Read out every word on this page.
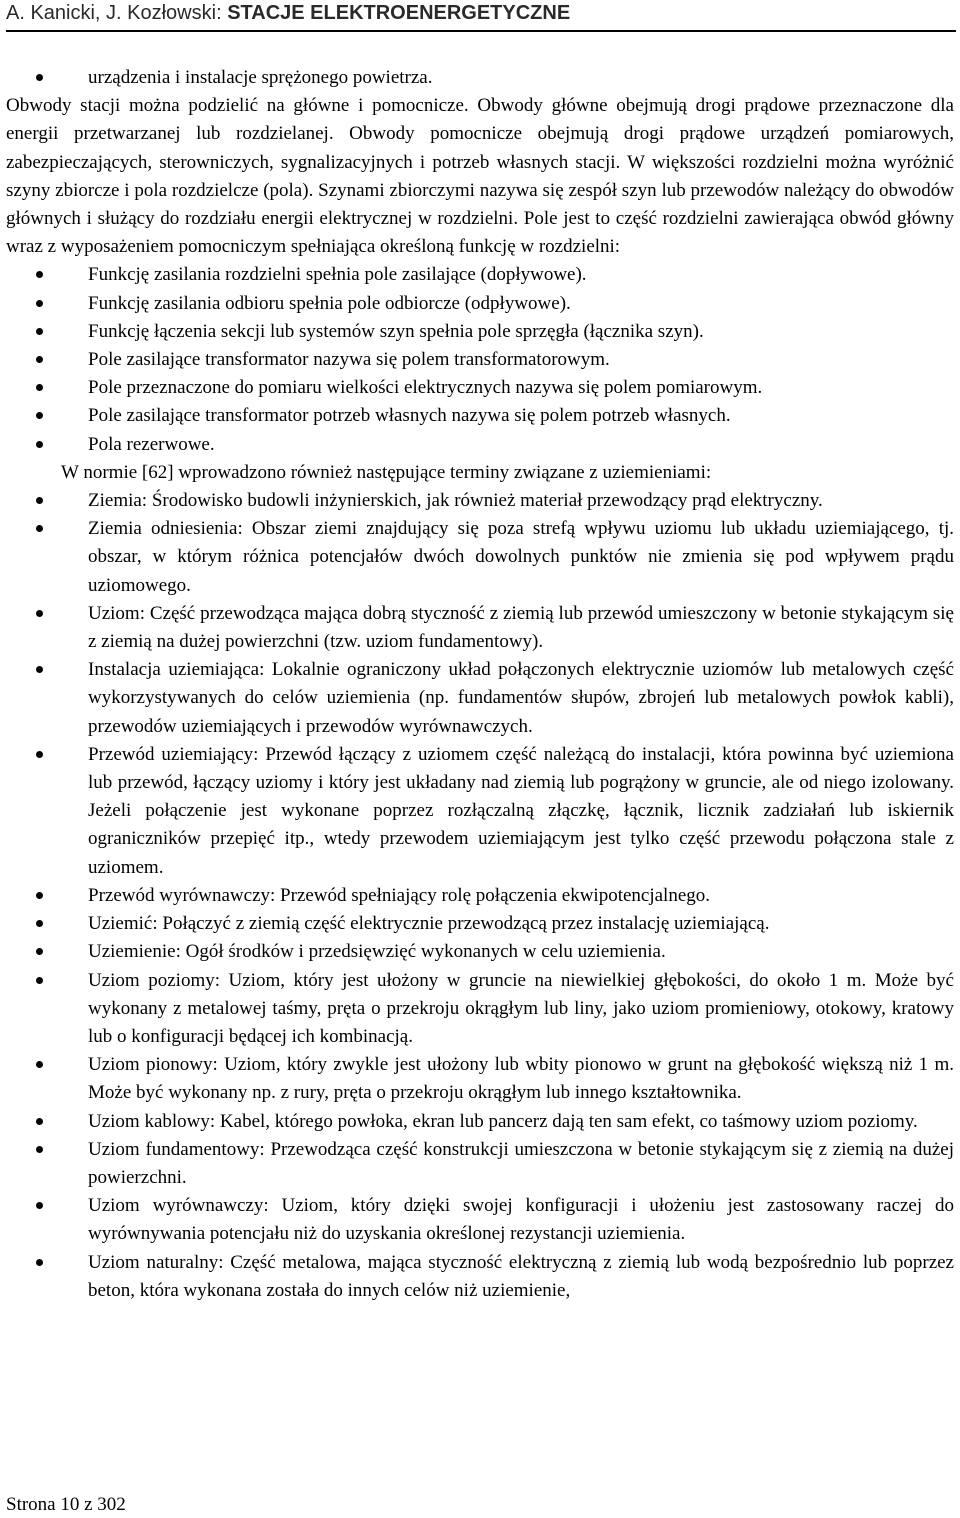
A. Kanicki, J. Kozłowski: STACJE ELEKTROENERGETYCZNE
urządzenia i instalacje sprężonego powietrza.

Obwody stacji można podzielić na główne i pomocnicze. Obwody główne obejmują drogi prądowe przeznaczone dla energii przetwarzanej lub rozdzielanej. Obwody pomocnicze obejmują drogi prądowe urządzeń pomiarowych, zabezpieczających, sterowniczych, sygnalizacyjnych i potrzeb własnych stacji. W większości rozdzielni można wyróżnić szyny zbiorcze i pola rozdzielcze (pola). Szynami zbiorczymi nazywa się zespół szyn lub przewodów należący do obwodów głównych i służący do rozdziału energii elektrycznej w rozdzielni. Pole jest to część rozdzielni zawierająca obwód główny wraz z wyposażeniem pomocniczym spełniająca określoną funkcję w rozdzielni:

Funkcję zasilania rozdzielni spełnia pole zasilające (dopływowe).
Funkcję zasilania odbioru spełnia pole odbiorcze (odpływowe).
Funkcję łączenia sekcji lub systemów szyn spełnia pole sprzęgła (łącznika szyn).
Pole zasilające transformator nazywa się polem transformatorowym.
Pole przeznaczone do pomiaru wielkości elektrycznych nazywa się polem pomiarowym.
Pole zasilające transformator potrzeb własnych nazywa się polem potrzeb własnych.
Pola rezerwowe.

W normie [62] wprowadzono również następujące terminy związane z uziemieniami:

Ziemia: Środowisko budowli inżynierskich, jak również materiał przewodzący prąd elektryczny.
Ziemia odniesienia: Obszar ziemi znajdujący się poza strefą wpływu uziomu lub układu uziemiającego, tj. obszar, w którym różnica potencjałów dwóch dowolnych punktów nie zmienia się pod wpływem prądu uziomowego.
Uziom: Część przewodząca mająca dobrą styczność z ziemią lub przewód umieszczony w betonie stykającym się z ziemią na dużej powierzchni (tzw. uziom fundamentowy).
Instalacja uziemiająca: Lokalnie ograniczony układ połączonych elektrycznie uziomów lub metalowych część wykorzystywanych do celów uziemienia (np. fundamentów słupów, zbrojeń lub metalowych powłok kabli), przewodów uziemiających i przewodów wyrównawczych.
Przewód uziemiający: Przewód łączący z uziomem część należącą do instalacji, która powinna być uziemiona lub przewód, łączący uziomy i który jest układany nad ziemią lub pogrążony w gruncie, ale od niego izolowany. Jeżeli połączenie jest wykonane poprzez rozłączalną złączkę, łącznik, licznik zadziałań lub iskiernik ograniczników przepięć itp., wtedy przewodem uziemiającym jest tylko część przewodu połączona stale z uziomem.
Przewód wyrównawczy: Przewód spełniający rolę połączenia ekwipotencjalnego.
Uziemić: Połączyć z ziemią część elektrycznie przewodzącą przez instalację uziemiającą.
Uziemienie: Ogół środków i przedsięwzięć wykonanych w celu uziemienia.
Uziom poziomy: Uziom, który jest ułożony w gruncie na niewielkiej głębokości, do około 1 m. Może być wykonany z metalowej taśmy, pręta o przekroju okrągłym lub liny, jako uziom promieniowy, otokowy, kratowy lub o konfiguracji będącej ich kombinacją.
Uziom pionowy: Uziom, który zwykle jest ułożony lub wbity pionowo w grunt na głębokość większą niż 1 m. Może być wykonany np. z rury, pręta o przekroju okrągłym lub innego kształtownika.
Uziom kablowy: Kabel, którego powłoka, ekran lub pancerz dają ten sam efekt, co taśmowy uziom poziomy.
Uziom fundamentowy: Przewodząca część konstrukcji umieszczona w betonie stykającym się z ziemią na dużej powierzchni.
Uziom wyrównawczy: Uziom, który dzięki swojej konfiguracji i ułożeniu jest zastosowany raczej do wyrównywania potencjału niż do uzyskania określonej rezystancji uziemienia.
Uziom naturalny: Część metalowa, mająca styczność elektryczną z ziemią lub wodą bezpośrednio lub poprzez beton, która wykonana została do innych celów niż uziemienie,
Strona 10 z 302
